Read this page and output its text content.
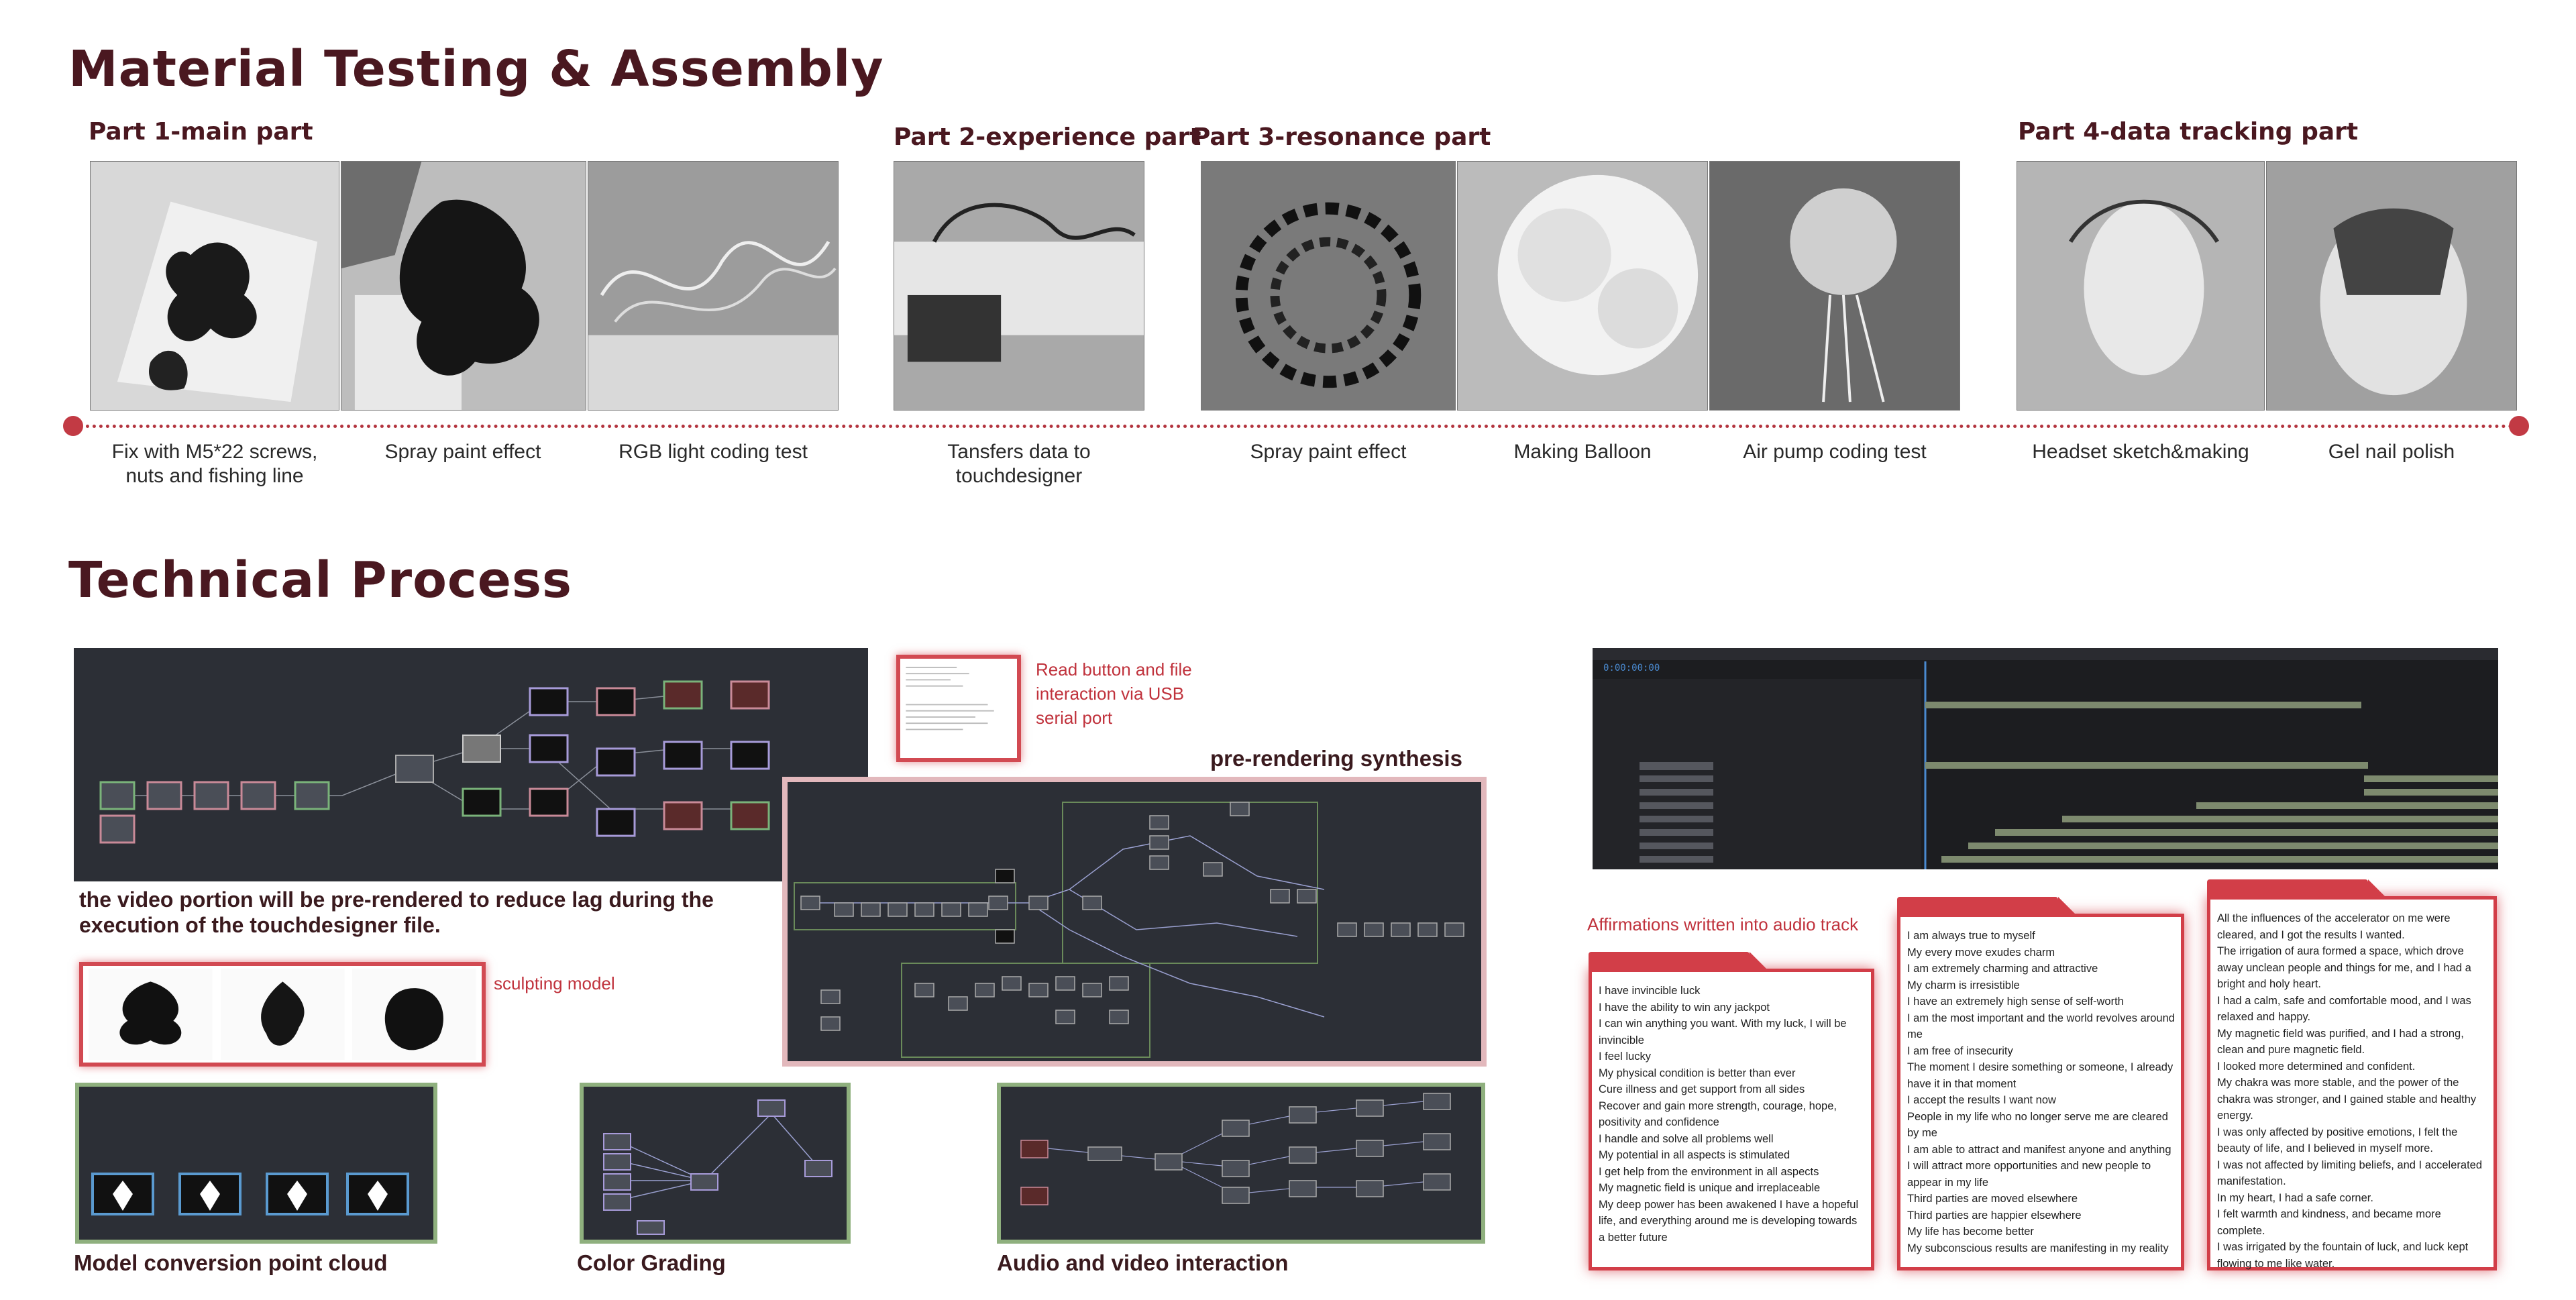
Material Testing & Assembly
Part 1-main part	Part 2-experience part
Part 3-resonance part	Part 4-data tracking part
Fix with M5*22 screws,
nuts and fishing line
Spray paint effect	RGB light coding test	Tansfers data to
touchdesigner
Spray paint effect	Making Balloon	Air pump coding test	Headset sketch&making	Gel nail polish
Technical Process
Read button and file interaction via USB serial port
pre-rendering synthesis
the video portion will be pre-rendered to reduce lag during the execution of the touchdesigner file.
sculpting model
Model conversion point cloud	Color Grading	Audio and video interaction
0:00:00:00
Affirmations written into audio track
I have invincible luck
I have the ability to win any jackpot
I can win anything you want. With my luck, I will be invincible
I feel lucky
My physical condition is better than ever
Cure illness and get support from all sides
Recover and gain more strength, courage, hope, positivity and confidence
I handle and solve all problems well
My potential in all aspects is stimulated
I get help from the environment in all aspects
My magnetic field is unique and irreplaceable
My deep power has been awakened I have a hopeful life, and everything around me is developing towards a better future
I am always true to myself
My every move exudes charm
I am extremely charming and attractive
My charm is irresistible
I have an extremely high sense of self-worth
I am the most important and the world revolves around me
I am free of insecurity
The moment I desire something or someone, I already have it in that moment
I accept the results I want now
People in my life who no longer serve me are cleared by me
I am able to attract and manifest anyone and anything
I will attract more opportunities and new people to appear in my life
Third parties are moved elsewhere
Third parties are happier elsewhere
My life has become better
My subconscious results are manifesting in my reality
All the influences of the accelerator on me were cleared, and I got the results I wanted.
The irrigation of aura formed a space, which drove away unclean people and things for me, and I had a bright and holy heart.
I had a calm, safe and comfortable mood, and I was relaxed and happy.
My magnetic field was purified, and I had a strong, clean and pure magnetic field.
I looked more determined and confident.
My chakra was more stable, and the power of the chakra was stronger, and I gained stable and healthy energy.
I was only affected by positive emotions, I felt the beauty of life, and I believed in myself more.
I was not affected by limiting beliefs, and I accelerated manifestation.
In my heart, I had a safe corner.
I felt warmth and kindness, and became more complete.
I was irrigated by the fountain of luck, and luck kept flowing to me like water.
